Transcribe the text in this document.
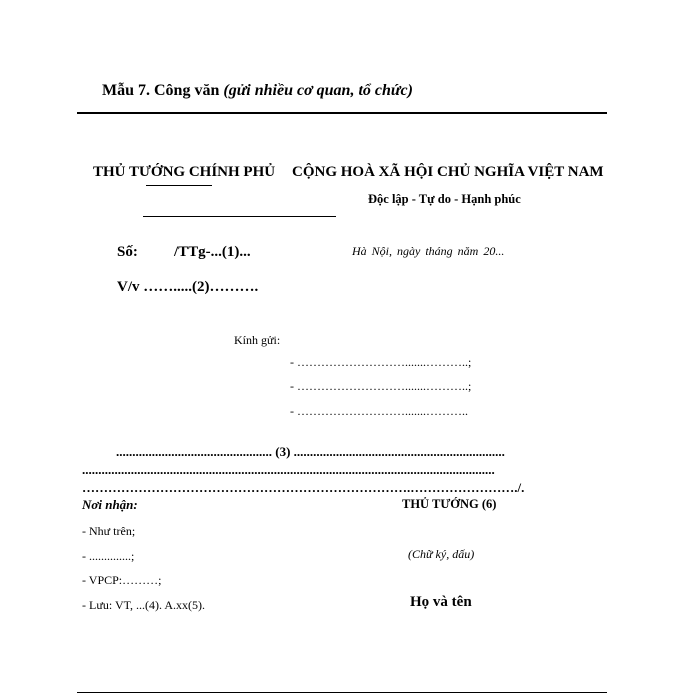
Mẫu 7. Công văn (gửi nhiều cơ quan, tổ chức)
THỦ TƯỚNG CHÍNH PHỦ CỘNG HOÀ XÃ HỘI CHỦ NGHĨA VIỆT NAM
Độc lập - Tự do - Hạnh phúc
Số: /TTg-...(1)...	Hà Nội, ngày tháng năm 20...
V/v …….....(2)……….
Kính gửi:
- ……………………….......………..;
- ……………………….......………..;
- ……………………….......………..
................................................ (3) .................................................................
...............................................................................................................................
………………………………………………………………….……………………./.
Nơi nhận:
- Như trên;
- ..............;
- VPCP:………;
- Lưu: VT, ...(4). A.xx(5).
THỦ TƯỚNG (6)
(Chữ ký, dấu)
Họ và tên
